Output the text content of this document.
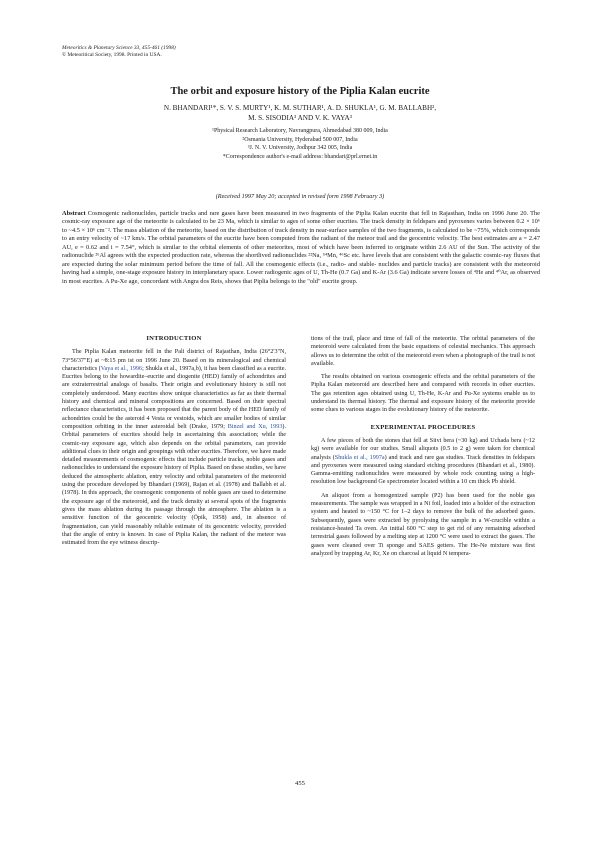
Meteoritics & Planetary Science 33, 455-461 (1998)
© Meteoritical Society, 1998. Printed in USA.
The orbit and exposure history of the Piplia Kalan eucrite
N. BHANDARI¹*, S. V. S. MURTY¹, K. M. SUTHAR¹, A. D. SHUKLA¹, G. M. BALLABH²,
M. S. SISODIA³ AND V. K. VAYA³
¹Physical Research Laboratory, Navrangpura, Ahmedabad 380 009, India
²Osmania University, Hyderabad 500 007, India
³J. N. V. University, Jodhpur 342 005, India
*Correspondence author's e-mail address: bhandari@prl.ernet.in
(Received 1997 May 20; accepted in revised form 1998 February 3)
Abstract Cosmogenic radionuclides, particle tracks and rare gases have been measured in two fragments of the Piplia Kalan eucrite that fell in Rajasthan, India on 1996 June 20. The cosmic-ray exposure age of the meteorite is calculated to be 23 Ma, which is similar to ages of some other eucrites. The track density in feldspars and pyroxenes varies between 0.2 × 10⁶ to ~4.5 × 10⁶ cm⁻². The mass ablation of the meteorite, based on the distribution of track density in near-surface samples of the two fragments, is calculated to be ~75%, which corresponds to an entry velocity of ~17 km/s. The orbital parameters of the eucrite have been computed from the radiant of the meteor trail and the geocentric velocity. The best estimates are a = 2.47 AU, e = 0.62 and i = 7.54°, which is similar to the orbital elements of other meteorites, most of which have been inferred to originate within 2.6 AU of the Sun. The activity of the radionuclide ²⁶Al agrees with the expected production rate, whereas the shortlived radionuclides ²²Na, ⁵⁴Mn, ⁴⁶Sc etc. have levels that are consistent with the galactic cosmic-ray fluxes that are expected during the solar minimum period before the time of fall. All the cosmogenic effects (i.e., radio- and stable- nuclides and particle tracks) are consistent with the meteoroid having had a simple, one-stage exposure history in interplanetary space. Lower radiogenic ages of U, Th-He (0.7 Ga) and K-Ar (3.6 Ga) indicate severe losses of ⁴He and ⁴⁰Ar, as observed in most eucrites. A Pu-Xe age, concordant with Angra dos Reis, shows that Piplia belongs to the "old" eucrite group.
INTRODUCTION

The Piplia Kalan meteorite fell in the Pali district of Rajasthan, India (26°2'3"N, 73°56'37"E) at ~8:15 pm ist on 1996 June 20. Based on its mineralogical and chemical characteristics (Vaya et al., 1996; Shukla et al., 1997a,b), it has been classified as a eucrite. Eucrites belong to the howardite–eucrite and diogenite (HED) family of achondrites and are extraterrestrial analogs of basalts. Their origin and evolutionary history is still not completely understood. Many eucrites show unique characteristics as far as their thermal history and chemical and mineral compositions are concerned. Based on their spectral reflectance characteristics, it has been proposed that the parent body of the HED family of achondrites could be the asteroid 4 Vesta or vestoids, which are smaller bodies of similar composition orbiting in the inner asteroidal belt (Drake, 1979; Binzel and Xu, 1993). Orbital parameters of eucrites should help in ascertaining this association; while the cosmic-ray exposure age, which also depends on the orbital parameters, can provide additional clues to their origin and groupings with other eucrites. Therefore, we have made detailed measurements of cosmogenic effects that include particle tracks, noble gases and radionuclides to understand the exposure history of Piplia. Based on these studies, we have deduced the atmospheric ablation, entry velocity and orbital parameters of the meteoroid using the procedure developed by Bhandari (1969), Rajan et al. (1978) and Ballabh et al. (1978). In this approach, the cosmogenic components of noble gases are used to determine the exposure age of the meteoroid, and the track density at several spots of the fragments gives the mass ablation during its passage through the atmosphere. The ablation is a sensitive function of the geocentric velocity (Öpik, 1958) and, in absence of fragmentation, can yield reasonably reliable estimate of its geocentric velocity, provided that the angle of entry is known. In case of Piplia Kalan, the radiant of the meteor was estimated from the eye witness descrip-

tions of the trail, place and time of fall of the meteorite. The orbital parameters of the meteoroid were calculated from the basic equations of celestial mechanics. This approach allows us to determine the orbit of the meteoroid even when a photograph of the trail is not available.

The results obtained on various cosmogenic effects and the orbital parameters of the Piplia Kalan meteoroid are described here and compared with records in other eucrites. The gas retention ages obtained using U, Th-He, K-Ar and Pu-Xe systems enable us to understand its thermal history. The thermal and exposure history of the meteorite provide some clues to various stages in the evolutionary history of the meteorite.

EXPERIMENTAL PROCEDURES

A few pieces of both the stones that fell at Siivi bera (~30 kg) and Uchada bera (~12 kg) were available for our studies. Small aliquots (0.5 to 2 g) were taken for chemical analysis (Shukla et al., 1997a) and track and rare gas studies. Track densities in feldspars and pyroxenes were measured using standard etching procedures (Bhandari et al., 1980). Gamma-emitting radionuclides were measured by whole rock counting using a high-resolution low background Ge spectrometer located within a 10 cm thick Pb shield.

An aliquot from a homogenized sample (P2) has been used for the noble gas measurements. The sample was wrapped in a Ni foil, loaded into a holder of the extraction system and heated to ~150 °C for 1–2 days to remove the bulk of the adsorbed gases. Subsequently, gases were extracted by pyrolysing the sample in a W-crucible within a resistance-heated Ta oven. An initial 600 °C step to get rid of any remaining adsorbed terrestrial gases followed by a melting step at 1200 °C were used to extract the gases. The gases were cleaned over Ti sponge and SAES getters. The He-Ne mixture was first analyzed by trapping Ar, Kr, Xe on charcoal at liquid N tempera-

455
